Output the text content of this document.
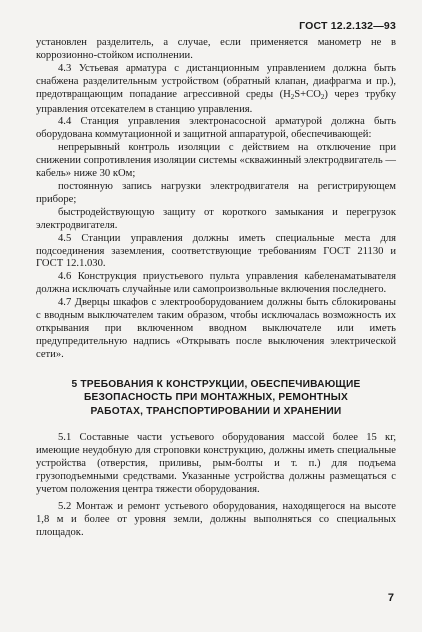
ГОСТ 12.2.132—93

установлен разделитель, а случае, если применяется манометр не в коррозионно-стойком исполнении.

4.3 Устьевая арматура с дистанционным управлением должна быть снабжена разделительным устройством (обратный клапан, диафрагма и пр.), предотвращающим попадание агрессивной среды $(H_2S+CO_2)$ через трубку управления отсекателем в станцию управления.

4.4 Станция управления электронасосной арматурой должна быть оборудована коммутационной и защитной аппаратурой, обеспечивающей:

непрерывный контроль изоляции с действием на отключение при снижении сопротивления изоляции системы «скважинный электродвигатель — кабель» ниже 30 кОм;

постоянную запись нагрузки электродвигателя на регистрирующем приборе;

быстродействующую защиту от короткого замыкания и перегрузок электродвигателя.

4.5 Станции управления должны иметь специальные места для подсоединения заземления, соответствующие требованиям ГОСТ 21130 и ГОСТ 12.1.030.

4.6 Конструкция приустьевого пульта управления кабеленаматывателя должна исключать случайные или самопроизвольные включения последнего.

4.7 Дверцы шкафов с электрооборудованием должны быть сблокированы с вводным выключателем таким образом, чтобы исключалась возможность их открывания при включенном вводном выключателе или иметь предупредительную надпись «Открывать после выключения электрической сети».

5 ТРЕБОВАНИЯ К КОНСТРУКЦИИ, ОБЕСПЕЧИВАЮЩИЕ
БЕЗОПАСНОСТЬ ПРИ МОНТАЖНЫХ, РЕМОНТНЫХ
РАБОТАХ, ТРАНСПОРТИРОВАНИИ И ХРАНЕНИИ

5.1 Составные части устьевого оборудования массой более 15 кг, имеющие неудобную для строповки конструкцию, должны иметь специальные устройства (отверстия, приливы, рым-болты и т. п.) для подъема грузоподъемными средствами. Указанные устройства должны размещаться с учетом положения центра тяжести оборудования.

5.2 Монтаж и ремонт устьевого оборудования, находящегося на высоте 1,8 м и более от уровня земли, должны выполняться со специальных площадок.

7
